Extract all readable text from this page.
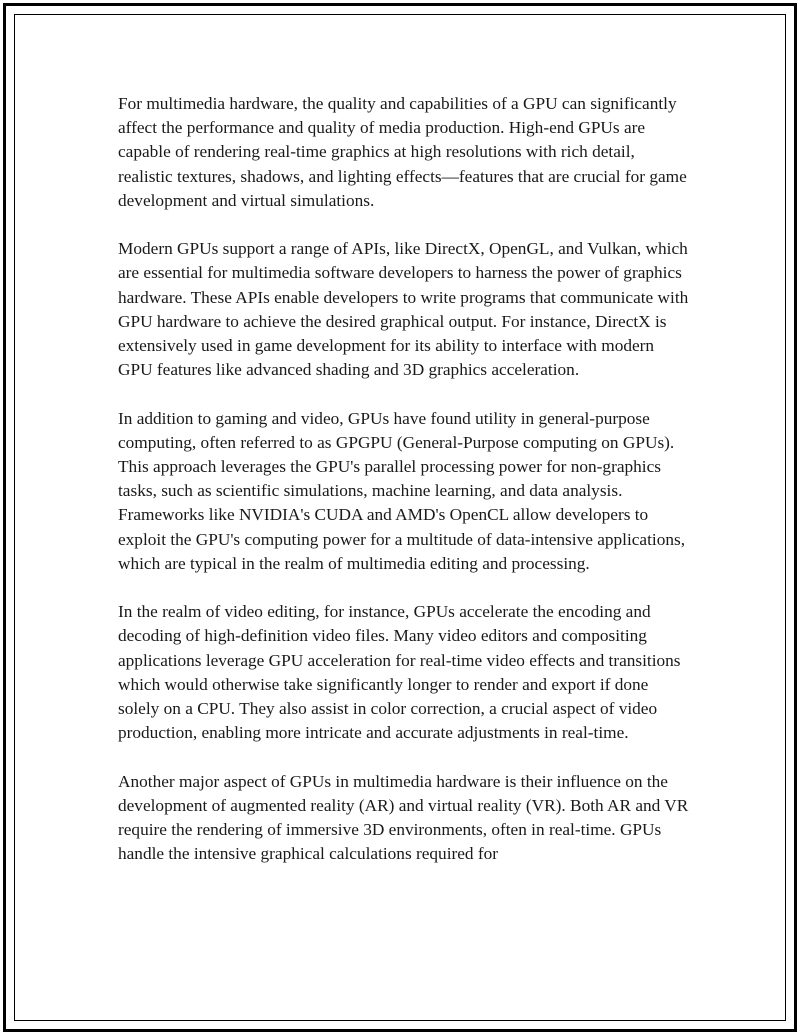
For multimedia hardware, the quality and capabilities of a GPU can significantly affect the performance and quality of media production. High-end GPUs are capable of rendering real-time graphics at high resolutions with rich detail, realistic textures, shadows, and lighting effects—features that are crucial for game development and virtual simulations.

Modern GPUs support a range of APIs, like DirectX, OpenGL, and Vulkan, which are essential for multimedia software developers to harness the power of graphics hardware. These APIs enable developers to write programs that communicate with GPU hardware to achieve the desired graphical output. For instance, DirectX is extensively used in game development for its ability to interface with modern GPU features like advanced shading and 3D graphics acceleration.

In addition to gaming and video, GPUs have found utility in general-purpose computing, often referred to as GPGPU (General-Purpose computing on GPUs). This approach leverages the GPU's parallel processing power for non-graphics tasks, such as scientific simulations, machine learning, and data analysis. Frameworks like NVIDIA's CUDA and AMD's OpenCL allow developers to exploit the GPU's computing power for a multitude of data-intensive applications, which are typical in the realm of multimedia editing and processing.

In the realm of video editing, for instance, GPUs accelerate the encoding and decoding of high-definition video files. Many video editors and compositing applications leverage GPU acceleration for real-time video effects and transitions which would otherwise take significantly longer to render and export if done solely on a CPU. They also assist in color correction, a crucial aspect of video production, enabling more intricate and accurate adjustments in real-time.

Another major aspect of GPUs in multimedia hardware is their influence on the development of augmented reality (AR) and virtual reality (VR). Both AR and VR require the rendering of immersive 3D environments, often in real-time. GPUs handle the intensive graphical calculations required for
